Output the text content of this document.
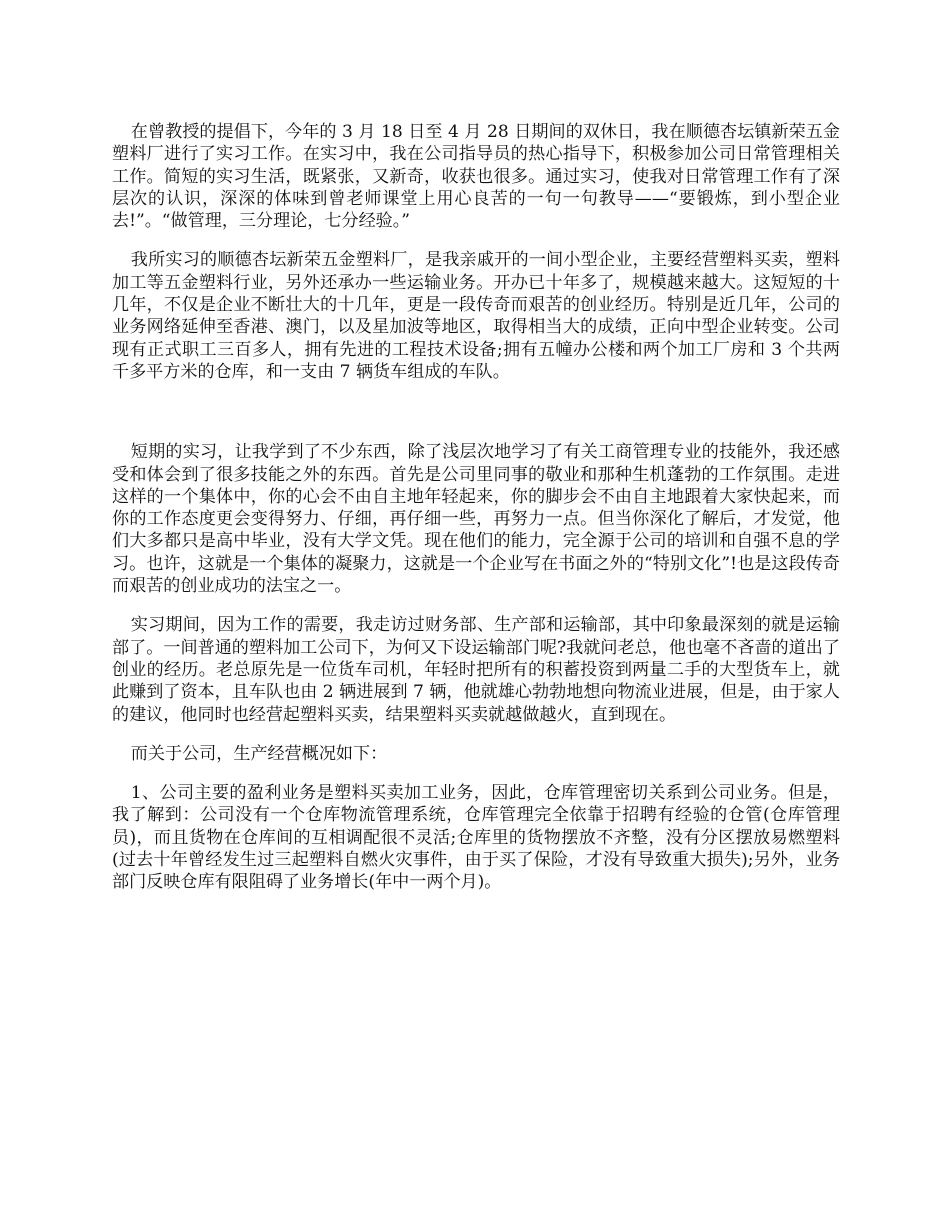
在曾教授的提倡下，今年的 3 月 18 日至 4 月 28 日期间的双休日，我在顺德杏坛镇新荣五金塑料厂进行了实习工作。在实习中，我在公司指导员的热心指导下，积极参加公司日常管理相关工作。简短的实习生活，既紧张，又新奇，收获也很多。通过实习，使我对日常管理工作有了深层次的认识，深深的体味到曾老师课堂上用心良苦的一句一句教导——“要锻炼，到小型企业去!”。“做管理，三分理论，七分经验。”

我所实习的顺德杏坛新荣五金塑料厂，是我亲戚开的一间小型企业，主要经营塑料买卖，塑料加工等五金塑料行业，另外还承办一些运输业务。开办已十年多了，规模越来越大。这短短的十几年，不仅是企业不断壮大的十几年，更是一段传奇而艰苦的创业经历。特别是近几年，公司的业务网络延伸至香港、澳门，以及星加波等地区，取得相当大的成绩，正向中型企业转变。公司现有正式职工三百多人，拥有先进的工程技术设备;拥有五幢办公楼和两个加工厂房和 3 个共两千多平方米的仓库，和一支由 7 辆货车组成的车队。

短期的实习，让我学到了不少东西，除了浅层次地学习了有关工商管理专业的技能外，我还感受和体会到了很多技能之外的东西。首先是公司里同事的敬业和那种生机蓬勃的工作氛围。走进这样的一个集体中，你的心会不由自主地年轻起来，你的脚步会不由自主地跟着大家快起来，而你的工作态度更会变得努力、仔细，再仔细一些，再努力一点。但当你深化了解后，才发觉，他们大多都只是高中毕业，没有大学文凭。现在他们的能力，完全源于公司的培训和自强不息的学习。也许，这就是一个集体的凝聚力，这就是一个企业写在书面之外的“特别文化”!也是这段传奇而艰苦的创业成功的法宝之一。

实习期间，因为工作的需要，我走访过财务部、生产部和运输部，其中印象最深刻的就是运输部了。一间普通的塑料加工公司下，为何又下设运输部门呢?我就问老总，他也毫不吝啬的道出了创业的经历。老总原先是一位货车司机，年轻时把所有的积蓄投资到两量二手的大型货车上，就此赚到了资本，且车队也由 2 辆进展到 7 辆，他就雄心勃勃地想向物流业进展，但是，由于家人的建议，他同时也经营起塑料买卖，结果塑料买卖就越做越火，直到现在。

而关于公司，生产经营概况如下：

1、公司主要的盈利业务是塑料买卖加工业务，因此，仓库管理密切关系到公司业务。但是，我了解到：公司没有一个仓库物流管理系统，仓库管理完全依靠于招聘有经验的仓管(仓库管理员)，而且货物在仓库间的互相调配很不灵活;仓库里的货物摆放不齐整，没有分区摆放易燃塑料(过去十年曾经发生过三起塑料自燃火灾事件，由于买了保险，才没有导致重大损失);另外，业务部门反映仓库有限阻碍了业务增长(年中一两个月)。
